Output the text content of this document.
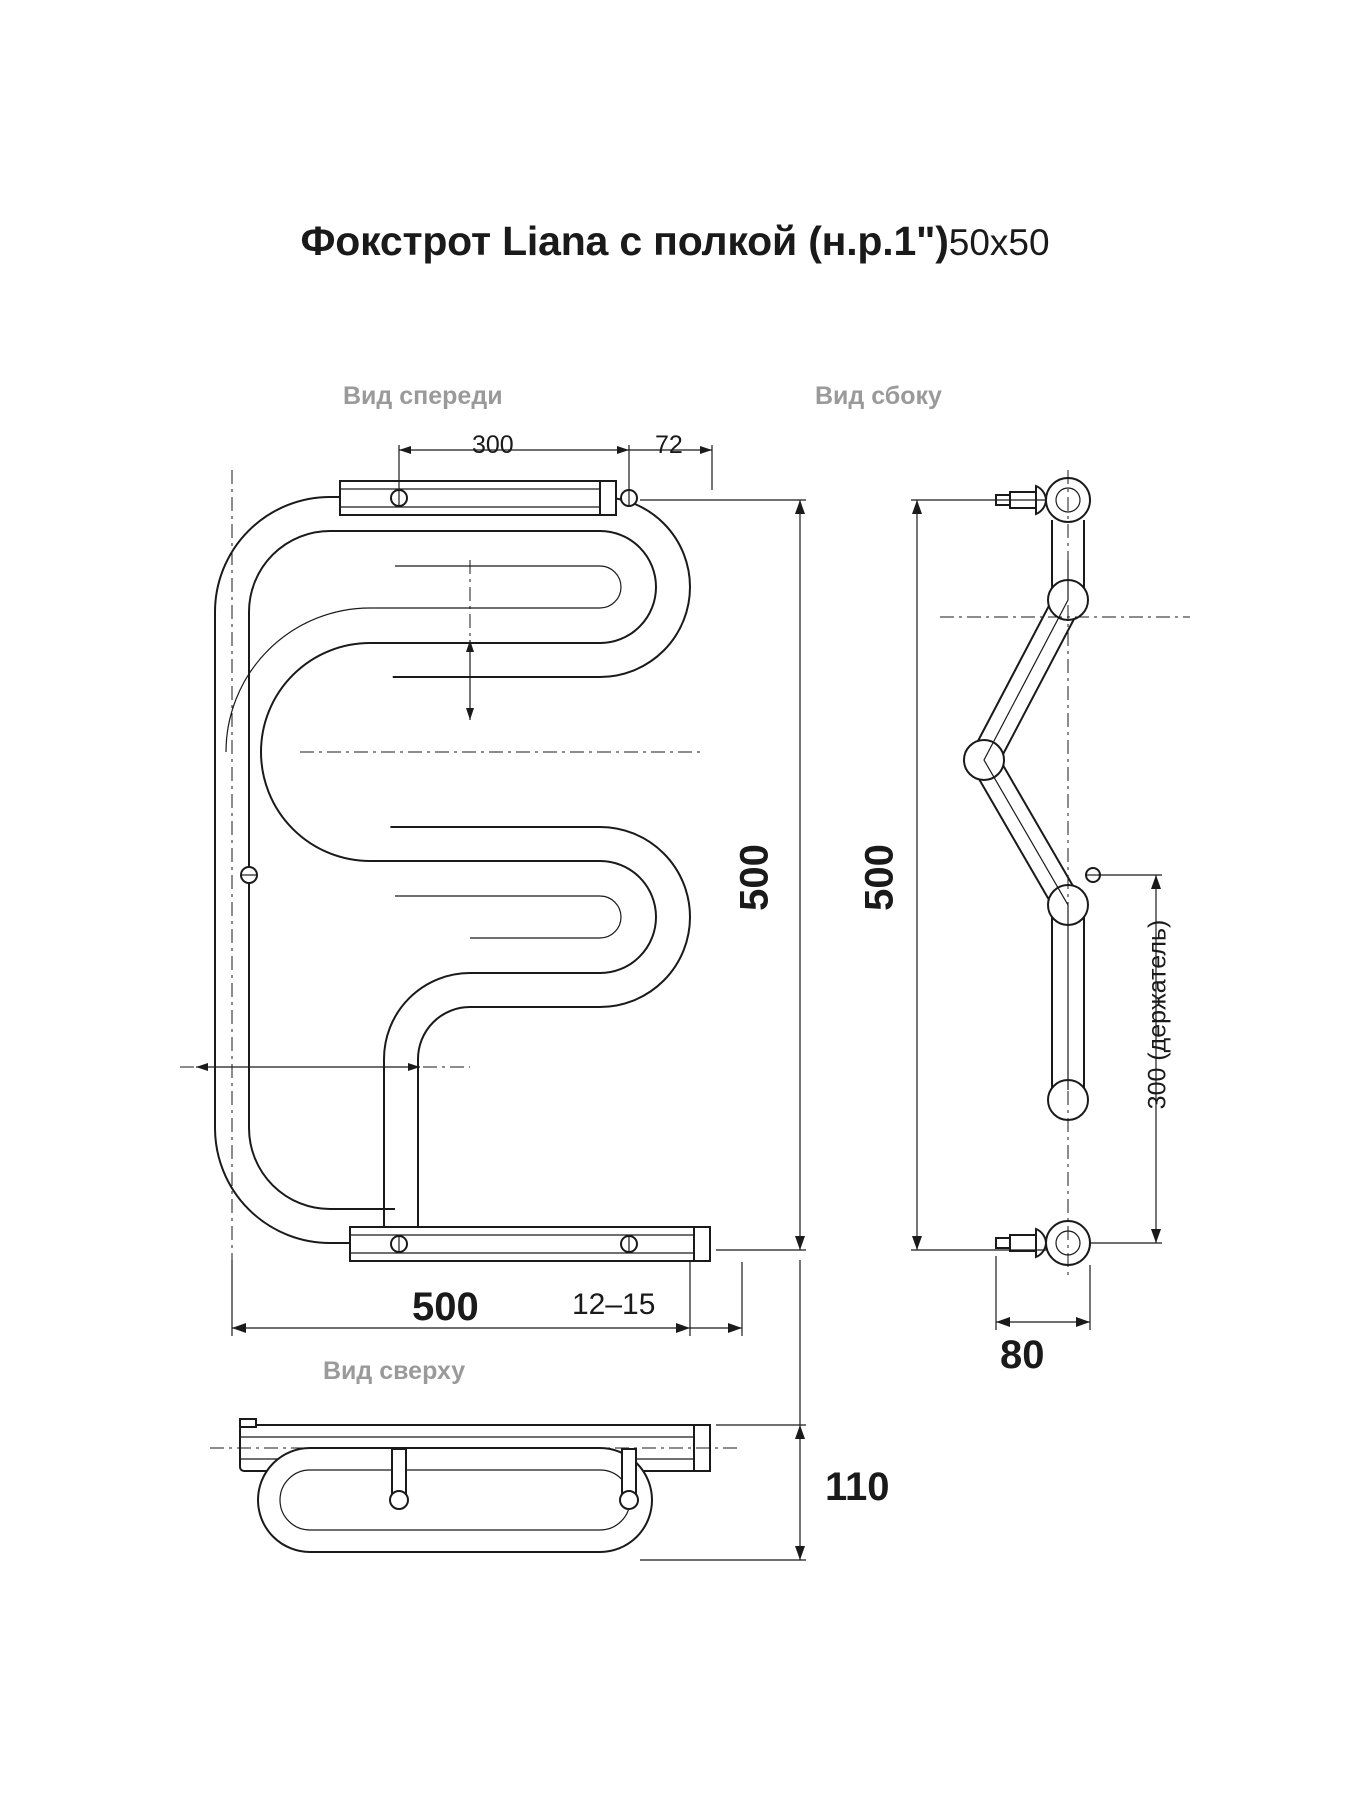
Фокстрот Liana с полкой (н.р.1")50x50
Вид спереди	Вид сбоку
Вид сверху
300	72
500
500	12–15
500
300 (держатель)
80
110
